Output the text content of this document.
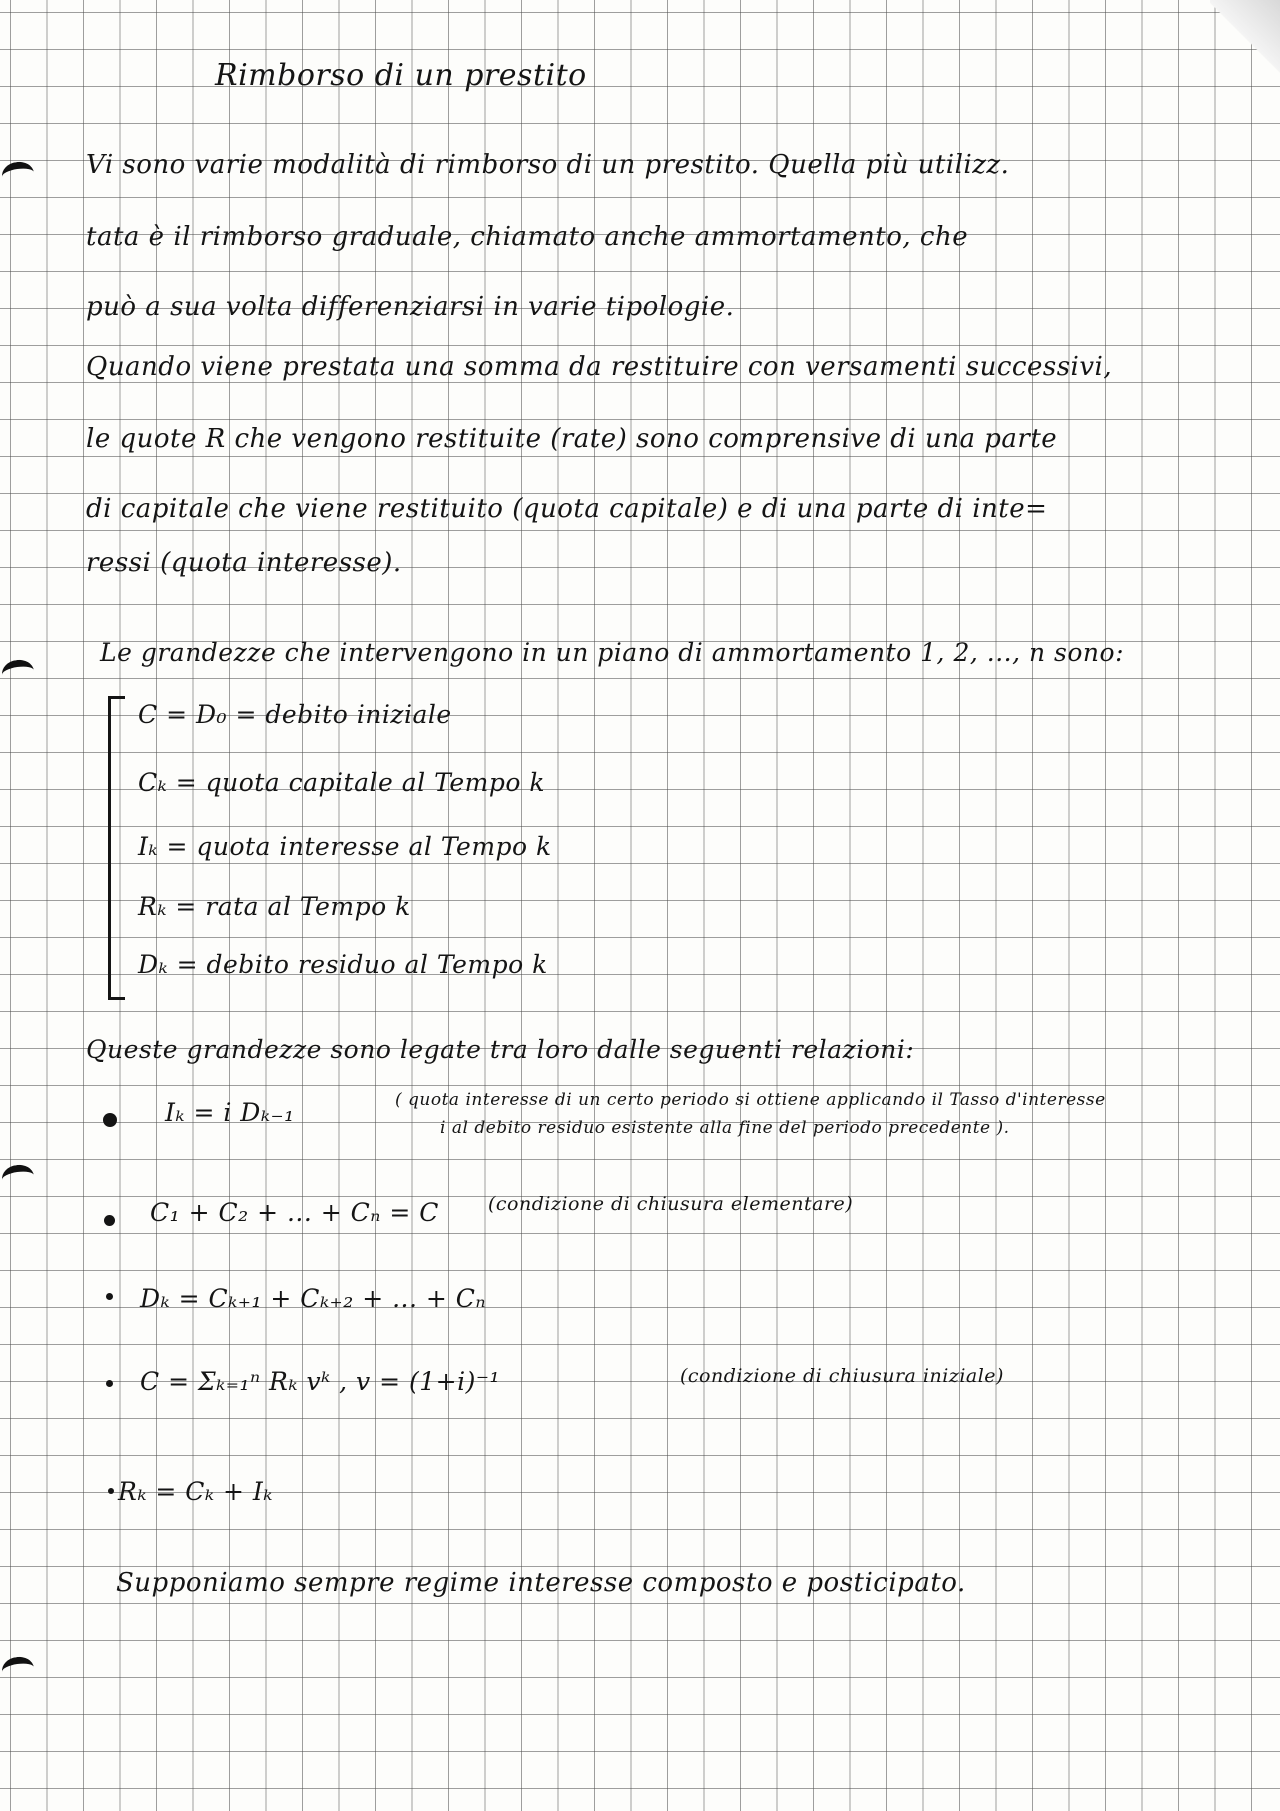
Rimborso di un prestito
Vi sono varie modalità di rimborso di un prestito. Quella più utilizz.
tata è il rimborso graduale, chiamato anche ammortamento, che
può a sua volta differenziarsi in varie tipologie.
Quando viene prestata una somma da restituire con versamenti successivi,
le quote R che vengono restituite (rate) sono comprensive di una parte
di capitale che viene restituito (quota capitale) e di una parte di inte=
ressi (quota interesse).
Le grandezze che intervengono in un piano di ammortamento 1, 2, ..., n sono:
C = D₀ = debito iniziale
Cₖ = quota capitale al Tempo k
Iₖ = quota interesse al Tempo k
Rₖ = rata al Tempo k
Dₖ = debito residuo al Tempo k
Queste grandezze sono legate tra loro dalle seguenti relazioni:
Iₖ = i Dₖ₋₁	( quota interesse di un certo periodo si ottiene applicando il Tasso d'interesse
i al debito residuo esistente alla fine del periodo precedente ).
C₁ + C₂ + ... + Cₙ = C	(condizione di chiusura elementare)
Dₖ = Cₖ₊₁ + Cₖ₊₂ + ... + Cₙ
C = Σₖ₌₁ⁿ Rₖ vᵏ , v = (1+i)⁻¹	(condizione di chiusura iniziale)
Rₖ = Cₖ + Iₖ
Supponiamo sempre regime interesse composto e posticipato.
